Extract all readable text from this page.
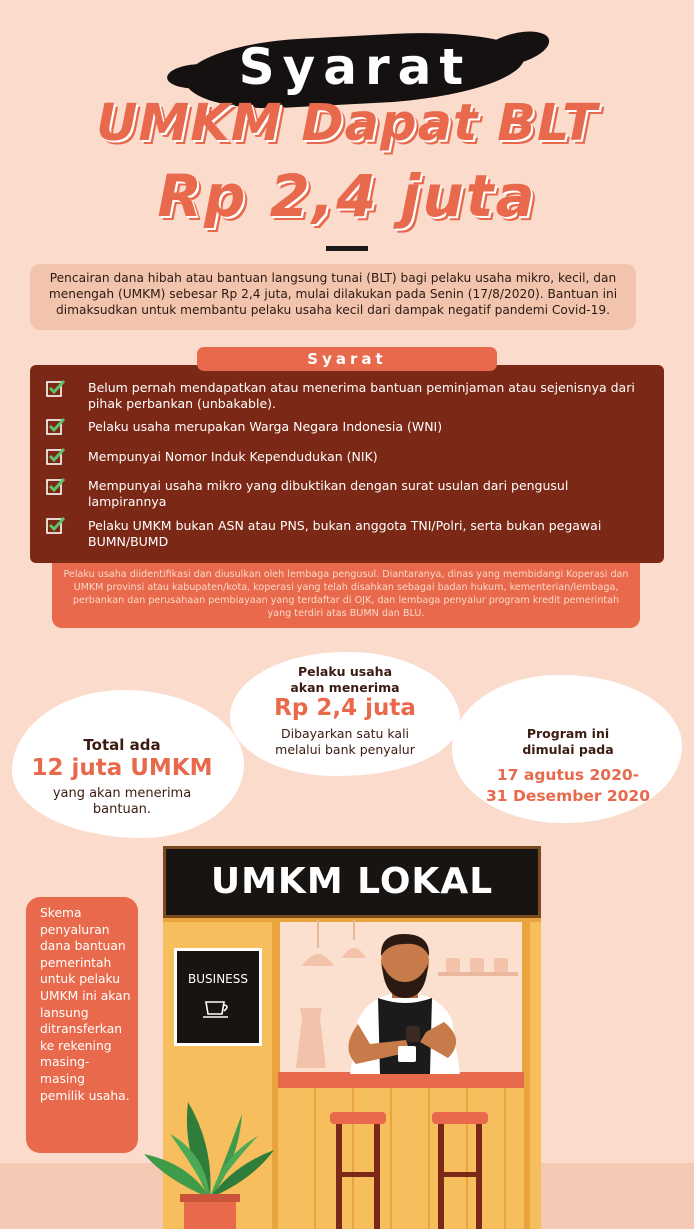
Syarat
UMKM Dapat BLT
Rp 2,4 juta
Pencairan dana hibah atau bantuan langsung tunai (BLT) bagi pelaku usaha mikro, kecil, dan menengah (UMKM) sebesar Rp 2,4 juta, mulai dilakukan pada Senin (17/8/2020). Bantuan ini dimaksudkan untuk membantu pelaku usaha kecil dari dampak negatif pandemi Covid-19.
Syarat
Belum pernah mendapatkan atau menerima bantuan peminjaman atau sejenisnya dari pihak perbankan (unbakable).
Pelaku usaha merupakan Warga Negara Indonesia (WNI)
Mempunyai Nomor Induk Kependudukan (NIK)
Mempunyai usaha mikro yang dibuktikan dengan surat usulan dari pengusul lampirannya
Pelaku UMKM bukan ASN atau PNS, bukan anggota TNI/Polri, serta bukan pegawai BUMN/BUMD
Pelaku usaha diidentifikasi dan diusulkan oleh lembaga pengusul. Diantaranya, dinas yang membidangi Koperasi dan UMKM provinsi atau kabupaten/kota, koperasi yang telah disahkan sebagai badan hukum, kementerian/lembaga, perbankan dan perusahaan pembiayaan yang terdaftar di OJK, dan lembaga penyalur program kredit pemerintah yang terdiri atas BUMN dan BLU.
Total ada
12 juta UMKM
yang akan menerima
bantuan.
Pelaku usaha
akan menerima
Rp 2,4 juta
Dibayarkan satu kali
melalui bank penyalur
Program ini
dimulai pada
17 agutus 2020-
31 Desember 2020
UMKM LOKAL
BUSINESS
Skema penyaluran dana bantuan pemerintah untuk pelaku UMKM ini akan lansung ditransferkan ke rekening masing-masing pemilik usaha.
